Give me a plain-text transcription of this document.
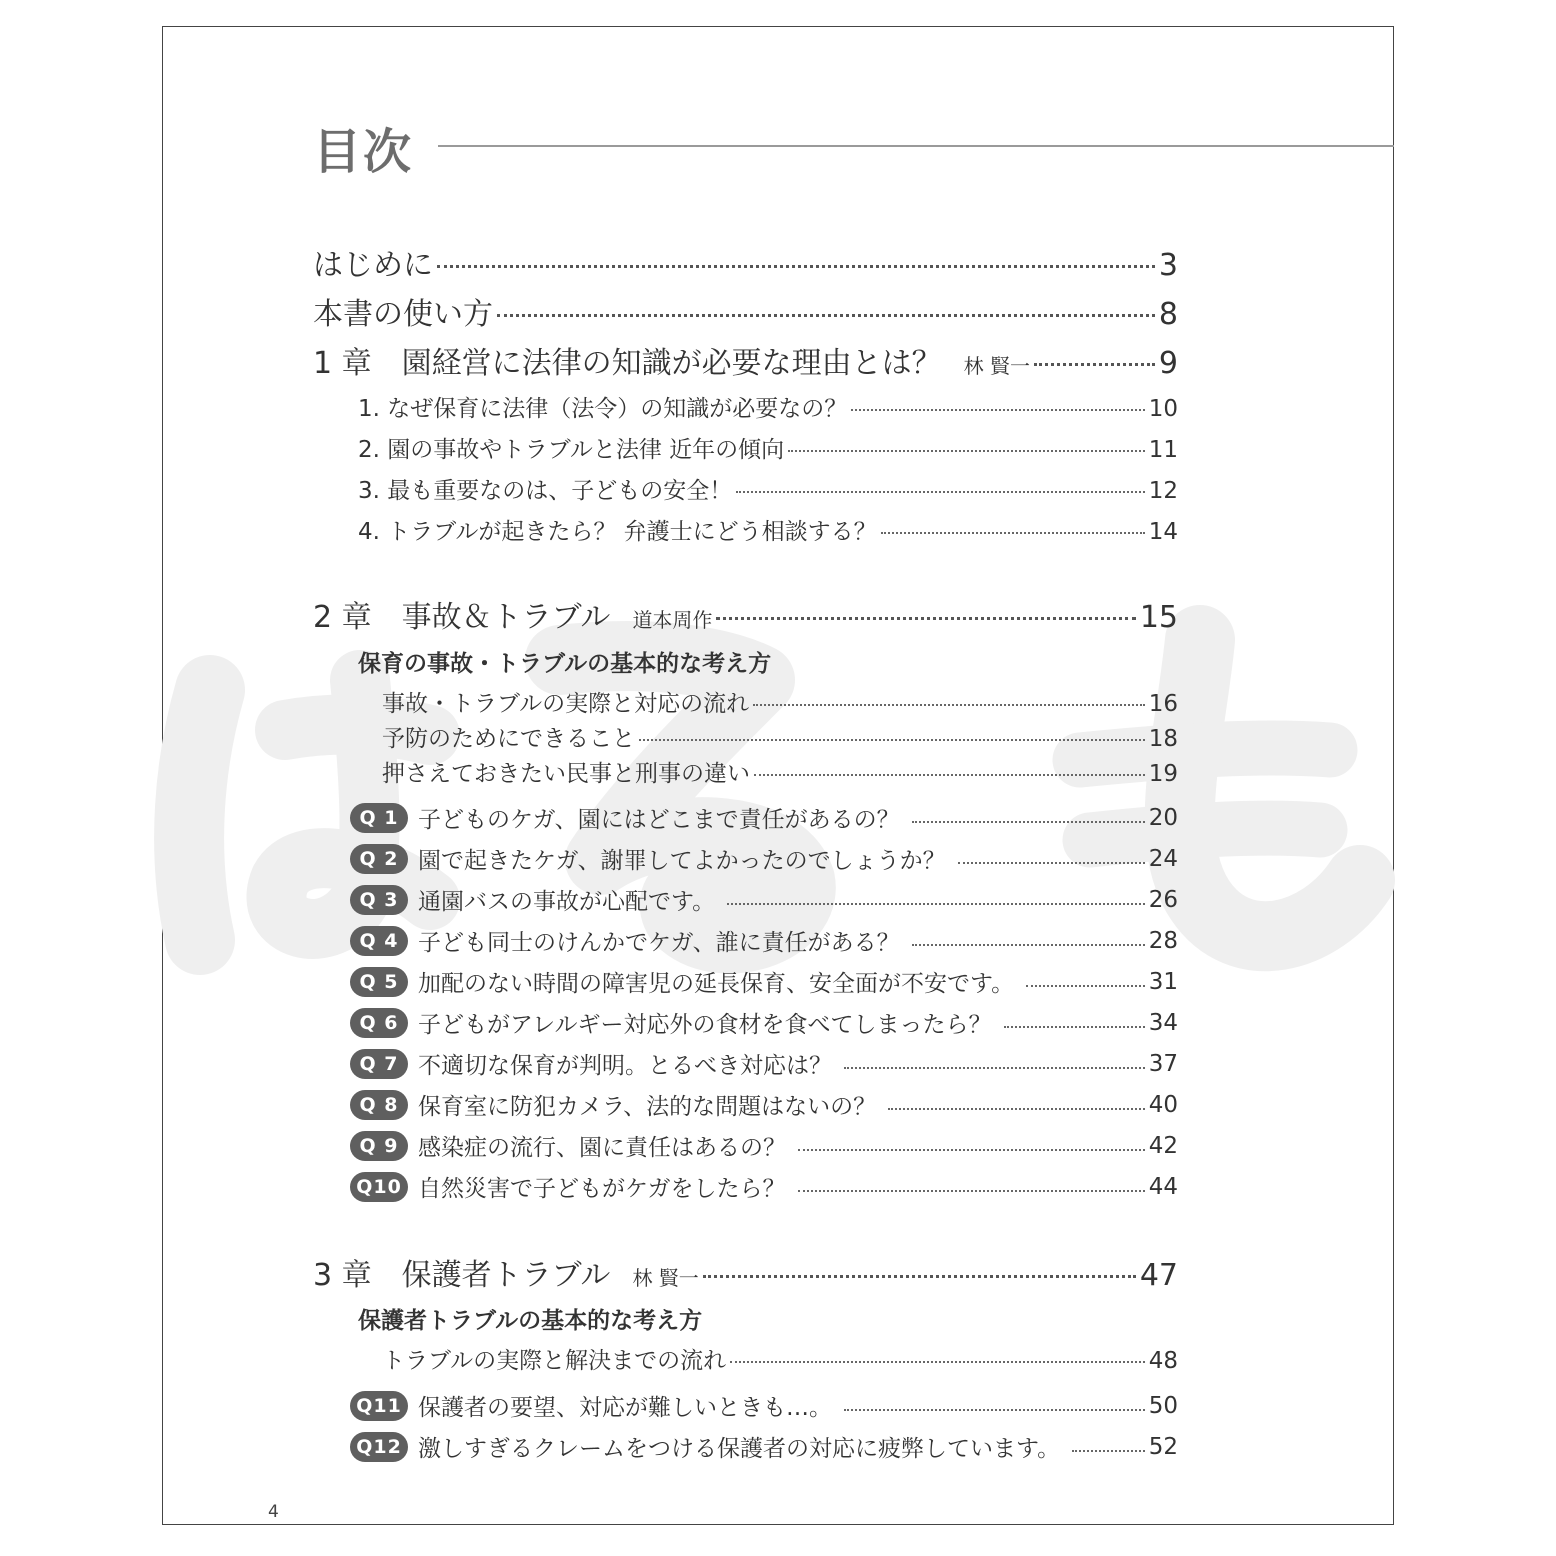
目次
はじめに	3
本書の使い方	8
1 章　園経営に法律の知識が必要な理由とは？ 林 賢一	9
1. なぜ保育に法律（法令）の知識が必要なの？	10
2. 園の事故やトラブルと法律 近年の傾向	11
3. 最も重要なのは、子どもの安全！	12
4. トラブルが起きたら？ 弁護士にどう相談する？	14
2 章　事故＆トラブル 道本周作	15
保育の事故・トラブルの基本的な考え方
事故・トラブルの実際と対応の流れ	16
予防のためにできること	18
押さえておきたい民事と刑事の違い	19
Q 1 子どものケガ、園にはどこまで責任があるの？	20
Q 2 園で起きたケガ、謝罪してよかったのでしょうか？	24
Q 3 通園バスの事故が心配です。	26
Q 4 子ども同士のけんかでケガ、誰に責任がある？	28
Q 5 加配のない時間の障害児の延長保育、安全面が不安です。	31
Q 6 子どもがアレルギー対応外の食材を食べてしまったら？	34
Q 7 不適切な保育が判明。とるべき対応は？	37
Q 8 保育室に防犯カメラ、法的な問題はないの？	40
Q 9 感染症の流行、園に責任はあるの？	42
Q10 自然災害で子どもがケガをしたら？	44
3 章　保護者トラブル 林 賢一	47
保護者トラブルの基本的な考え方
トラブルの実際と解決までの流れ	48
Q11 保護者の要望、対応が難しいときも…。	50
Q12 激しすぎるクレームをつける保護者の対応に疲弊しています。	52
4
